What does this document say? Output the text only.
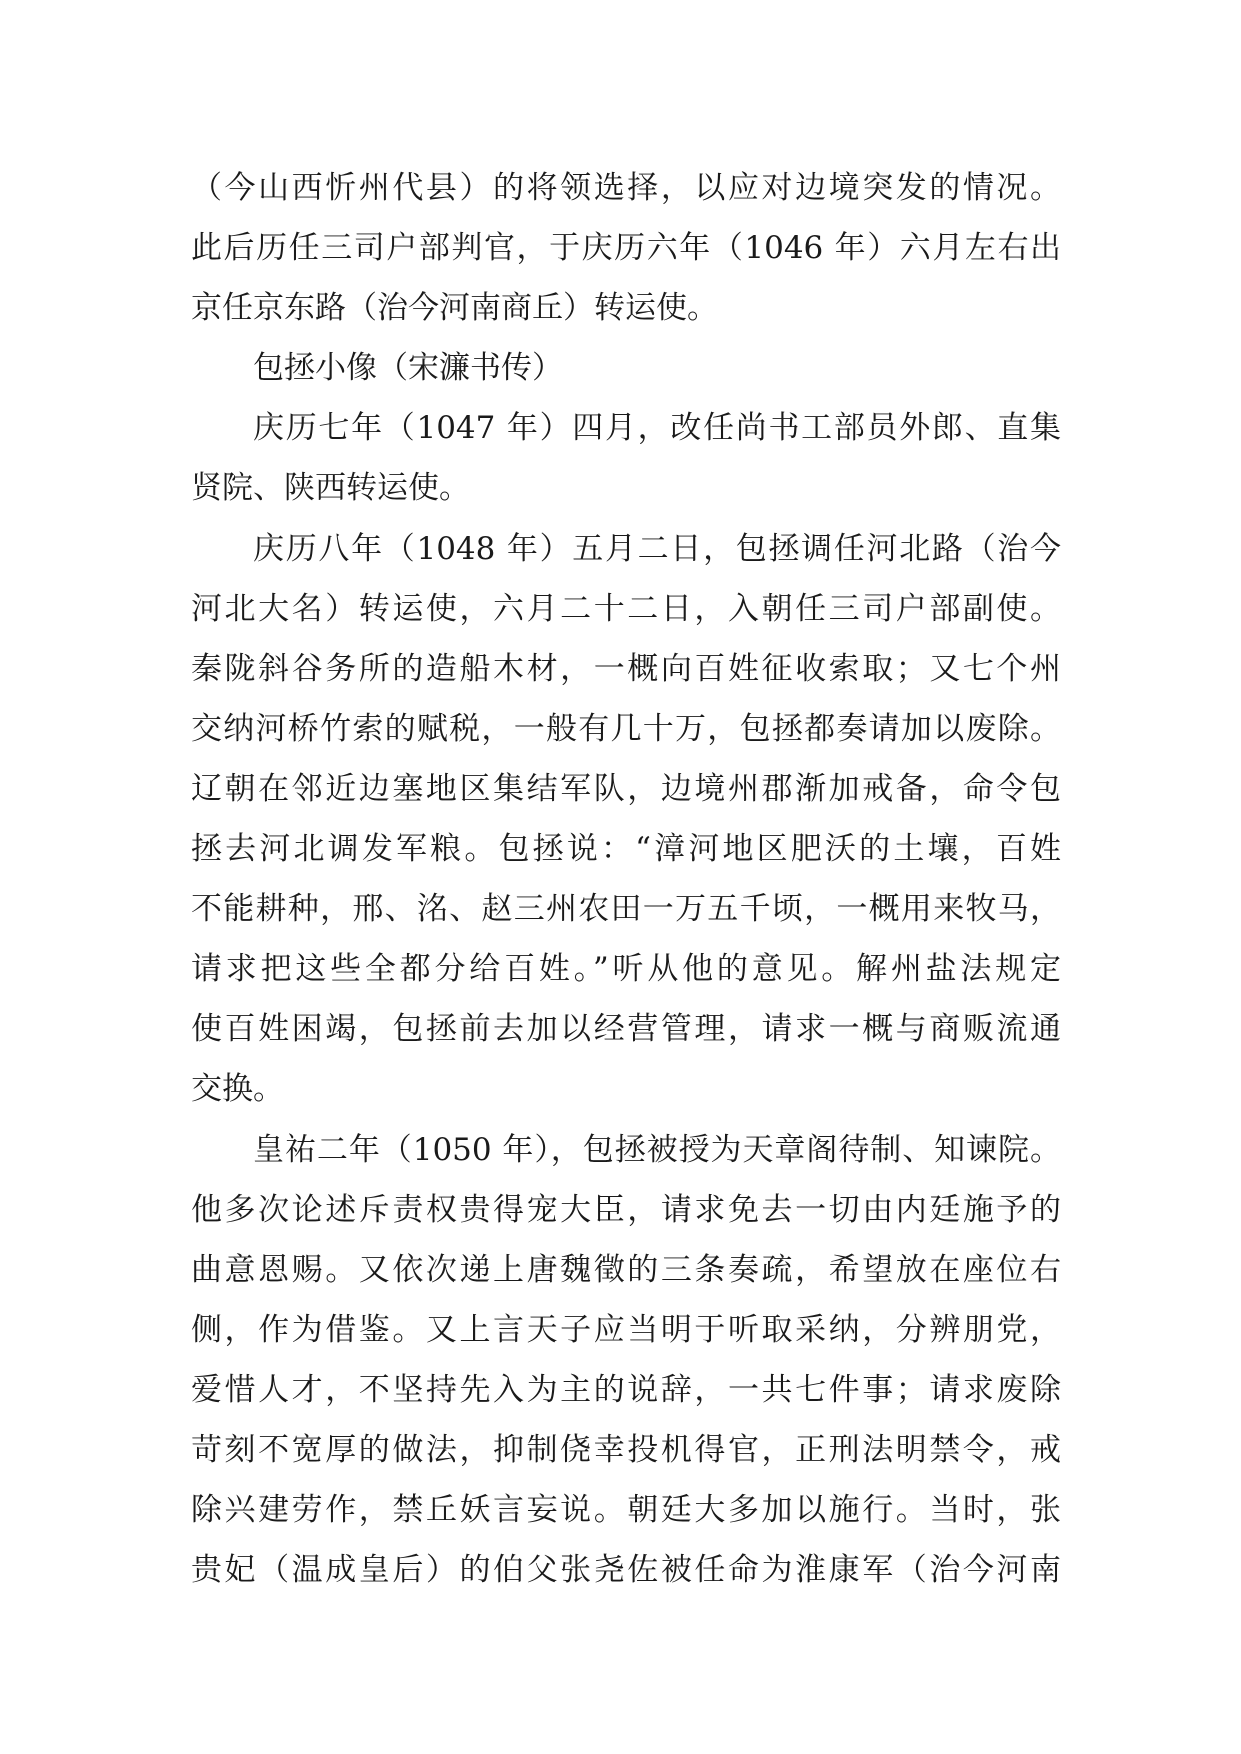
（今山西忻州代县）的将领选择，以应对边境突发的情况。
此后历任三司户部判官，于庆历六年（1046 年）六月左右出
京任京东路（治今河南商丘）转运使。
包拯小像（宋濂书传）
庆历七年（1047 年）四月，改任尚书工部员外郎、直集
贤院、陕西转运使。
庆历八年（1048 年）五月二日，包拯调任河北路（治今
河北大名）转运使，六月二十二日，入朝任三司户部副使。
秦陇斜谷务所的造船木材，一概向百姓征收索取；又七个州
交纳河桥竹索的赋税，一般有几十万，包拯都奏请加以废除。
辽朝在邻近边塞地区集结军队，边境州郡渐加戒备，命令包
拯去河北调发军粮。包拯说：“漳河地区肥沃的土壤，百姓
不能耕种，邢、洺、赵三州农田一万五千顷，一概用来牧马，
请求把这些全都分给百姓。”听从他的意见。解州盐法规定
使百姓困竭，包拯前去加以经营管理，请求一概与商贩流通
交换。
皇祐二年（1050 年），包拯被授为天章阁待制、知谏院。
他多次论述斥责权贵得宠大臣，请求免去一切由内廷施予的
曲意恩赐。又依次递上唐魏徵的三条奏疏，希望放在座位右
侧，作为借鉴。又上言天子应当明于听取采纳，分辨朋党，
爱惜人才，不坚持先入为主的说辞，一共七件事；请求废除
苛刻不宽厚的做法，抑制侥幸投机得官，正刑法明禁令，戒
除兴建劳作，禁丘妖言妄说。朝廷大多加以施行。当时，张
贵妃（温成皇后）的伯父张尧佐被任命为淮康军（治今河南
